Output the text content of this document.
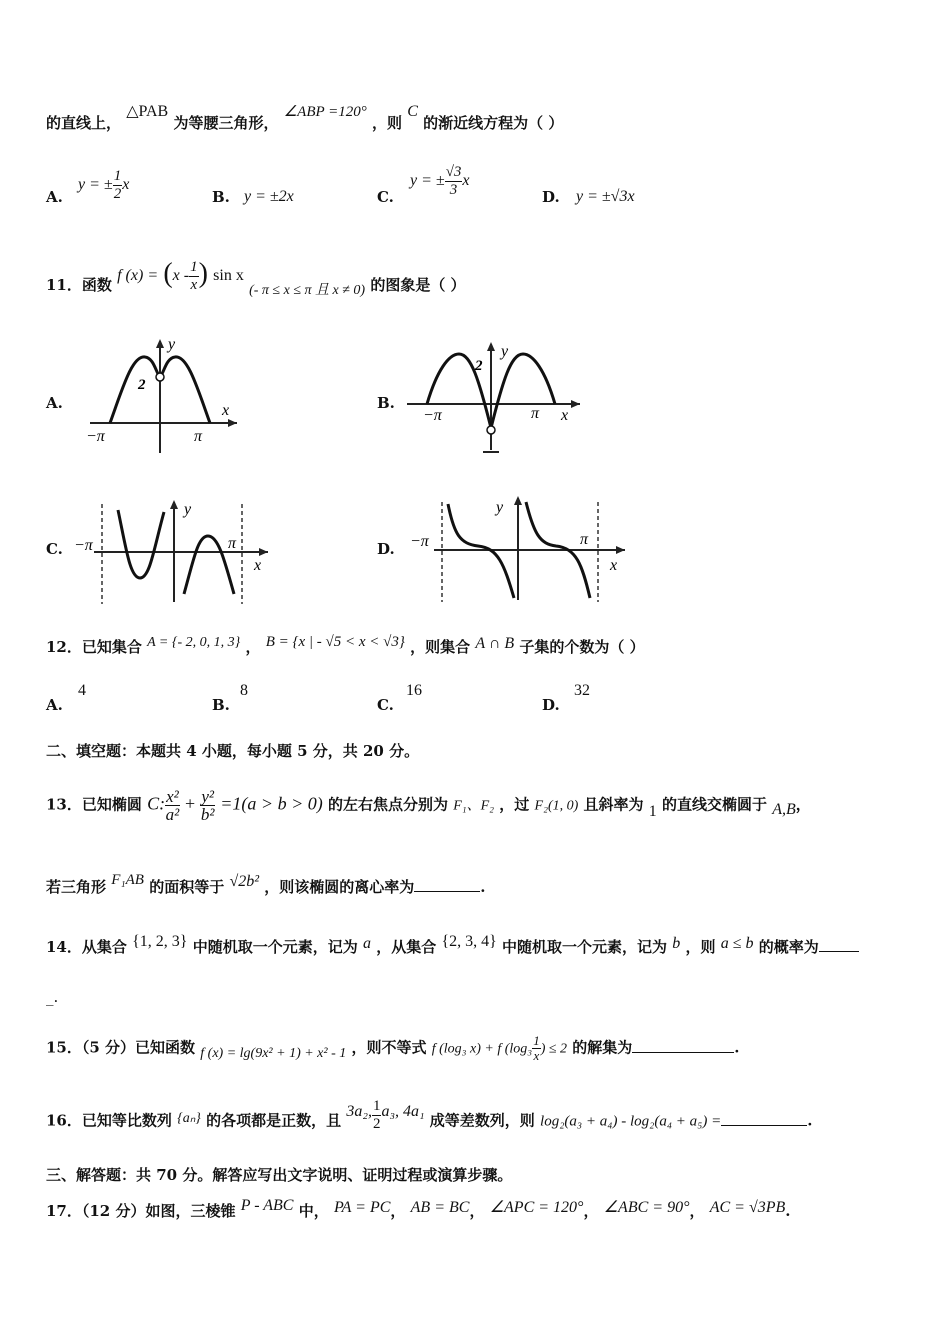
的直线上， △PAB 为等腰三角形， ∠ABP =120° ，则 C 的渐近线方程为（ ）
A.
y = ± $\frac{1}{2}$ x
B. y = ±2x	C.
y = ± $\frac{√3}{3}$ x
D. y = ±√3x
11．函数 f $(x) = (x - \frac{1}{x}$ ) sin x (- π ≤ x ≤ π 且 x ≠ 0) 的图象是（ ）
A.
y
x
2
−π	π
B.
y
x
2
−π	π
C.
y
x
−π	π	D.
y
x
−π	π
12．已知集合 A = {- 2, 0, 1, 3} ， B = {x | - √5 < x < √3} ，则集合 A ∩ B 子集的个数为（ ）
A.
4
B.
8
C.
16
D.
32
二、填空题：本题共 4 小题，每小题 5 分，共 20 分。
13．已知椭圆 C: $\frac{\text{x²}}{\text{a²}} + \frac{\text{y²}}{\text{b²}} =1(a > b > 0)$ 的左右焦点分别为 F₁、F₂ ，过 F₂(1, 0) 且斜率为 1 的直线交椭圆于 A,B，
若三角形 F₁AB 的面积等于 √2b² ，则该椭圆的离心率为	.
14．从集合 {1, 2, 3} 中随机取一个元素，记为 a ，从集合 {2, 3, 4} 中随机取一个元素，记为 b ，则 a ≤ b 的概率为
_.
15．（5 分）已知函数 f (x) = lg(9x² + 1) + x² - 1 ，则不等式 f (log₃ x) + f ($\log_3 \frac{1}{x}$ ) ≤ 2 的解集为	.
16．已知等比数列 {aₙ} 的各项都是正数，且 3a₂, $\frac{1}{2} a_3$, 4a₁ 成等差数列，则 log₂(a₃ + a₄) - log₂(a₄ + a₅) =	.
三、解答题：共 70 分。解答应写出文字说明、证明过程或演算步骤。
17．（12 分）如图，三棱锥 P - ABC 中， PA = PC， AB = BC， ∠APC = 120°， ∠ABC = 90°， AC = √3PB.
